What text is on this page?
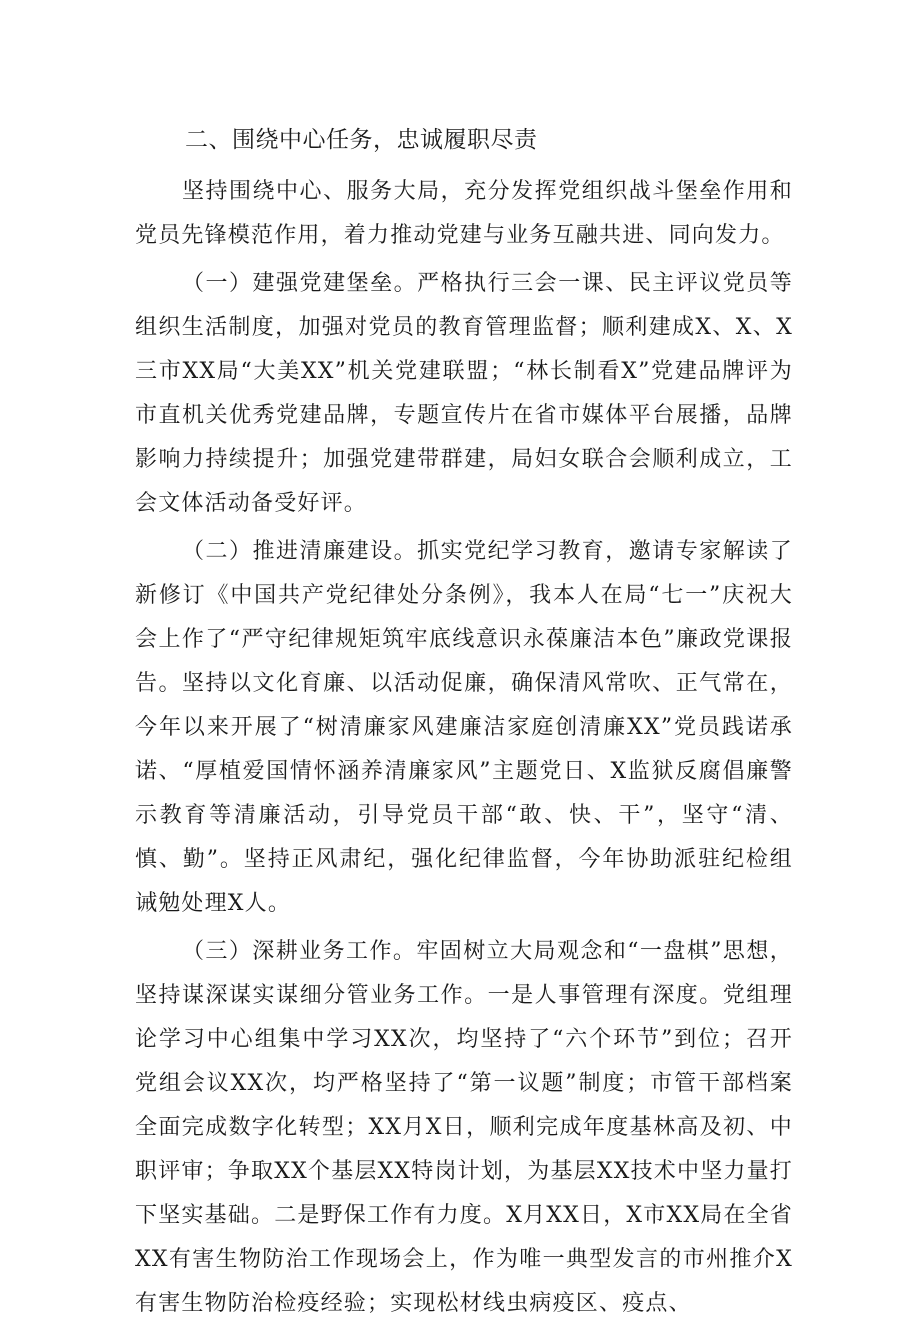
二、围绕中心任务，忠诚履职尽责

坚持围绕中心、服务大局，充分发挥党组织战斗堡垒作用和党员先锋模范作用，着力推动党建与业务互融共进、同向发力。

（一）建强党建堡垒。严格执行三会一课、民主评议党员等组织生活制度，加强对党员的教育管理监督；顺利建成X、X、X三市XX局“大美XX”机关党建联盟；“林长制看X”党建品牌评为市直机关优秀党建品牌，专题宣传片在省市媒体平台展播，品牌影响力持续提升；加强党建带群建，局妇女联合会顺利成立，工会文体活动备受好评。

（二）推进清廉建设。抓实党纪学习教育，邀请专家解读了新修订《中国共产党纪律处分条例》，我本人在局“七一”庆祝大会上作了“严守纪律规矩筑牢底线意识永葆廉洁本色”廉政党课报告。坚持以文化育廉、以活动促廉，确保清风常吹、正气常在，今年以来开展了“树清廉家风建廉洁家庭创清廉XX”党员践诺承诺、“厚植爱国情怀涵养清廉家风”主题党日、X监狱反腐倡廉警示教育等清廉活动，引导党员干部“敢、快、干”，坚守“清、慎、勤”。坚持正风肃纪，强化纪律监督，今年协助派驻纪检组诫勉处理X人。

（三）深耕业务工作。牢固树立大局观念和“一盘棋”思想，坚持谋深谋实谋细分管业务工作。一是人事管理有深度。党组理论学习中心组集中学习XX次，均坚持了“六个环节”到位；召开党组会议XX次，均严格坚持了“第一议题”制度；市管干部档案全面完成数字化转型；XX月X日，顺利完成年度基林高及初、中职评审；争取XX个基层XX特岗计划，为基层XX技术中坚力量打下坚实基础。二是野保工作有力度。X月XX日，X市XX局在全省XX有害生物防治工作现场会上，作为唯一典型发言的市州推介X有害生物防治检疫经验；实现松材线虫病疫区、疫点、
